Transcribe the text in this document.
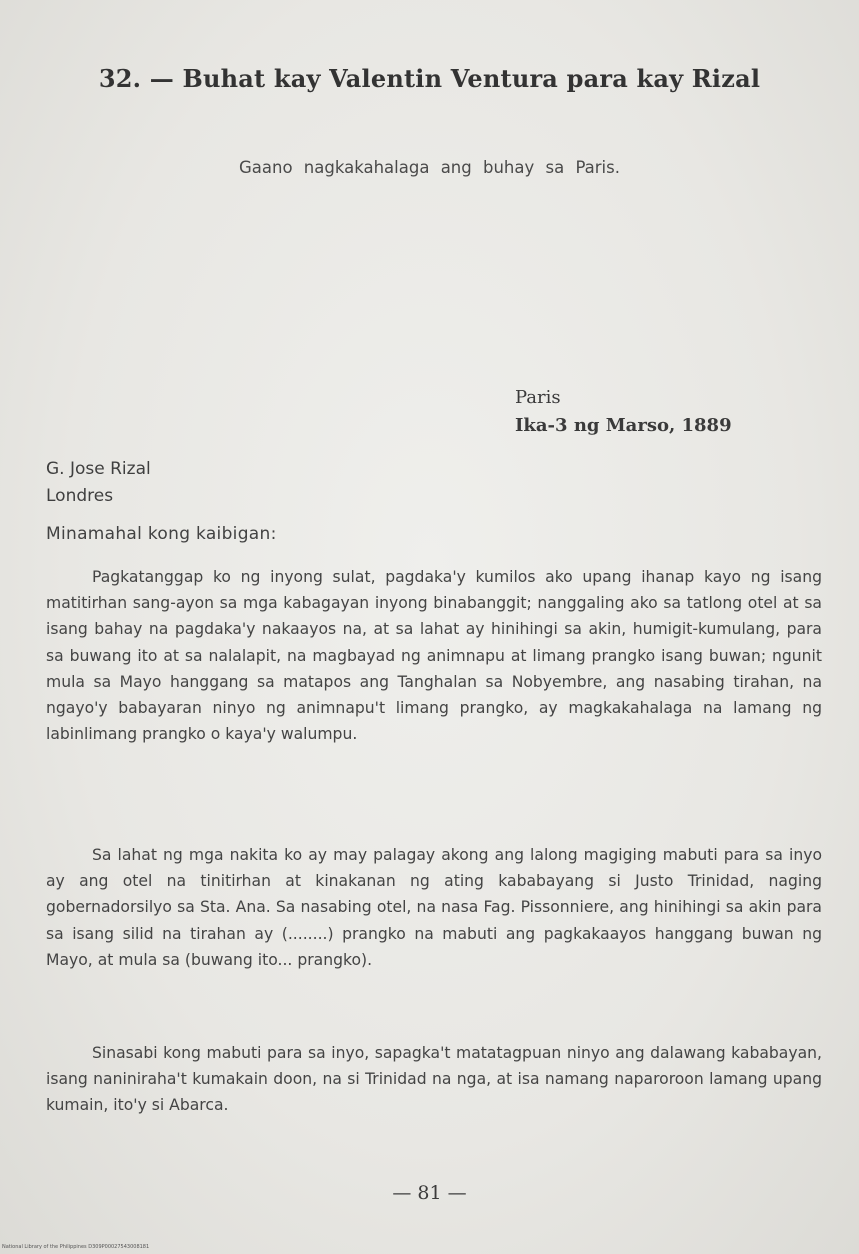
32. — Buhat kay Valentin Ventura para kay Rizal
Gaano nagkakahalaga ang buhay sa Paris.
Paris
Ika-3 ng Marso, 1889
G. Jose Rizal
Londres
Minamahal kong kaibigan:

Pagkatanggap ko ng inyong sulat, pagdaka'y kumilos ako upang ihanap kayo ng isang matitirhan sang-ayon sa mga kabagayan inyong binabanggit; nanggaling ako sa tatlong otel at sa isang bahay na pagdaka'y nakaayos na, at sa lahat ay hinihingi sa akin, humigit-kumulang, para sa buwang ito at sa nalalapit, na magbayad ng animnapu at limang prangko isang buwan; ngunit mula sa Mayo hanggang sa matapos ang Tanghalan sa Nobyembre, ang nasabing tirahan, na ngayo'y babayaran ninyo ng animnapu't limang prangko, ay magkakahalaga na lamang ng labinlimang prangko o kaya'y walumpu.

Sa lahat ng mga nakita ko ay may palagay akong ang lalong magiging mabuti para sa inyo ay ang otel na tinitirhan at kinakanan ng ating kababayang si Justo Trinidad, naging gobernadorsilyo sa Sta. Ana. Sa nasabing otel, na nasa Fag. Pissonniere, ang hinihingi sa akin para sa isang silid na tirahan ay (........) prangko na mabuti ang pagkakaayos hanggang buwan ng Mayo, at mula sa (buwang ito... prangko).

Sinasabi kong mabuti para sa inyo, sapagka't matatagpuan ninyo ang dalawang kababayan, isang naniniraha't kumakain doon, na si Trinidad na nga, at isa namang naparoroon lamang upang kumain, ito'y si Abarca.

— 81 —
National Library of the Philippines D309P00027543008181
